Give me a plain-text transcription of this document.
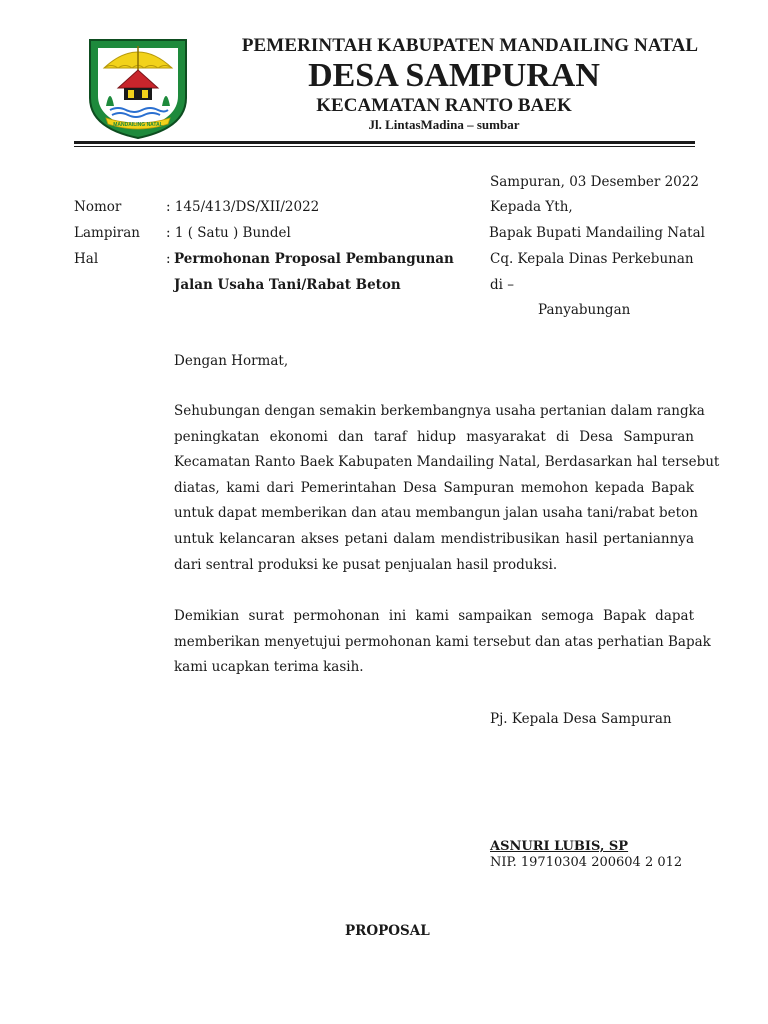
MANDAILING NATAL
PEMERINTAH KABUPATEN MANDAILING NATAL
DESA SAMPURAN
KECAMATAN RANTO BAEK
Jl. LintasMadina – sumbar
Sampuran, 03 Desember 2022
Nomor	: 145/413/DS/XII/2022
Lampiran : 1 ( Satu ) Bundel
Hal	: Permohonan Proposal Pembangunan
Jalan Usaha Tani/Rabat Beton
Kepada Yth,
Bapak Bupati Mandailing Natal
Cq. Kepala Dinas Perkebunan
di –
Panyabungan
Dengan Hormat,
Sehubungan dengan semakin berkembangnya usaha pertanian dalam rangka
peningkatan ekonomi dan taraf hidup masyarakat di Desa Sampuran
Kecamatan Ranto Baek Kabupaten Mandailing Natal, Berdasarkan hal tersebut
diatas, kami dari Pemerintahan Desa Sampuran memohon kepada Bapak
untuk dapat memberikan dan atau membangun jalan usaha tani/rabat beton
untuk kelancaran akses petani dalam mendistribusikan hasil pertaniannya
dari sentral produksi ke pusat penjualan hasil produksi.
Demikian surat permohonan ini kami sampaikan semoga Bapak dapat
memberikan menyetujui permohonan kami tersebut dan atas perhatian Bapak
kami ucapkan terima kasih.
Pj. Kepala Desa Sampuran
ASNURI LUBIS, SP
NIP. 19710304 200604 2 012
PROPOSAL
